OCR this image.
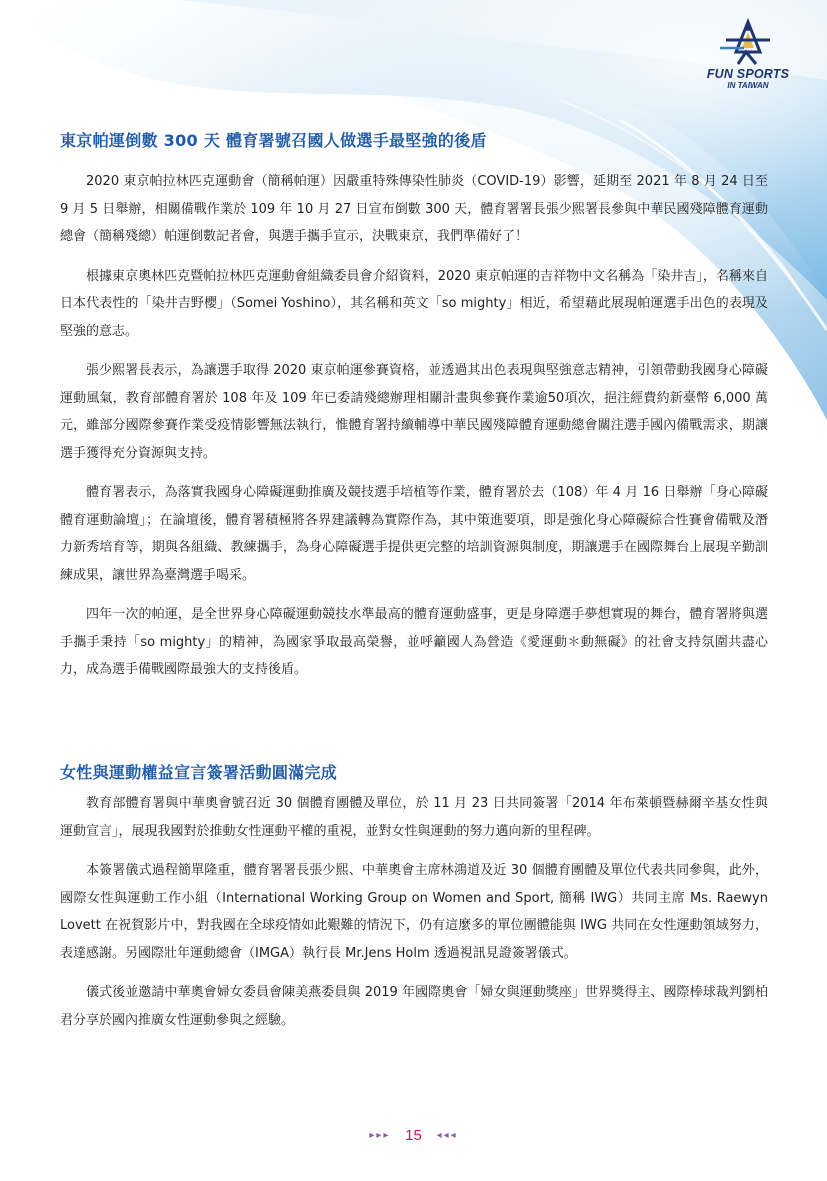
FUN SPORTS
IN TAIWAN
東京帕運倒數 300 天 體育署號召國人做選手最堅強的後盾

2020 東京帕拉林匹克運動會（簡稱帕運）因嚴重特殊傳染性肺炎（COVID-19）影響，延期至 2021 年 8 月 24 日至 9 月 5 日舉辦，相關備戰作業於 109 年 10 月 27 日宣布倒數 300 天，體育署署長張少熙署長參與中華民國殘障體育運動總會（簡稱殘總）帕運倒數記者會，與選手攜手宣示，決戰東京，我們準備好了！

根據東京奧林匹克暨帕拉林匹克運動會組織委員會介紹資料，2020 東京帕運的吉祥物中文名稱為「染井吉」，名稱來自日本代表性的「染井吉野櫻」（Somei Yoshino），其名稱和英文「so mighty」相近，希望藉此展現帕運選手出色的表現及堅強的意志。

張少熙署長表示，為讓選手取得 2020 東京帕運參賽資格，並透過其出色表現與堅強意志精神，引領帶動我國身心障礙運動風氣，教育部體育署於 108 年及 109 年已委請殘總辦理相關計畫與參賽作業逾50項次，挹注經費約新臺幣 6,000 萬元，雖部分國際參賽作業受疫情影響無法執行，惟體育署持續輔導中華民國殘障體育運動總會關注選手國內備戰需求，期讓選手獲得充分資源與支持。

體育署表示，為落實我國身心障礙運動推廣及競技選手培植等作業，體育署於去（108）年 4 月 16 日舉辦「身心障礙體育運動論壇」；在論壇後，體育署積極將各界建議轉為實際作為，其中策進要項，即是強化身心障礙綜合性賽會備戰及潛力新秀培育等，期與各組織、教練攜手，為身心障礙選手提供更完整的培訓資源與制度，期讓選手在國際舞台上展現辛勤訓練成果，讓世界為臺灣選手喝采。

四年一次的帕運，是全世界身心障礙運動競技水準最高的體育運動盛事，更是身障選手夢想實現的舞台，體育署將與選手攜手秉持「so mighty」的精神，為國家爭取最高榮譽，並呼籲國人為營造《愛運動＊動無礙》的社會支持氛圍共盡心力，成為選手備戰國際最強大的支持後盾。

女性與運動權益宣言簽署活動圓滿完成

教育部體育署與中華奧會號召近 30 個體育團體及單位，於 11 月 23 日共同簽署「2014 年布萊頓暨赫爾辛基女性與運動宣言」，展現我國對於推動女性運動平權的重視，並對女性與運動的努力邁向新的里程碑。

本簽署儀式過程簡單隆重，體育署署長張少熙、中華奧會主席林鴻道及近 30 個體育團體及單位代表共同參與，此外，國際女性與運動工作小組（International Working Group on Women and Sport, 簡稱 IWG）共同主席 Ms. Raewyn Lovett 在祝賀影片中，對我國在全球疫情如此艱難的情況下，仍有這麼多的單位團體能與 IWG 共同在女性運動領域努力，表達感謝。另國際壯年運動總會（IMGA）執行長 Mr.Jens Holm 透過視訊見證簽署儀式。

儀式後並邀請中華奧會婦女委員會陳美燕委員與 2019 年國際奧會「婦女與運動獎座」世界獎得主、國際棒球裁判劉柏君分享於國內推廣女性運動參與之經驗。

▸▸▸ 15 ◂◂◂
